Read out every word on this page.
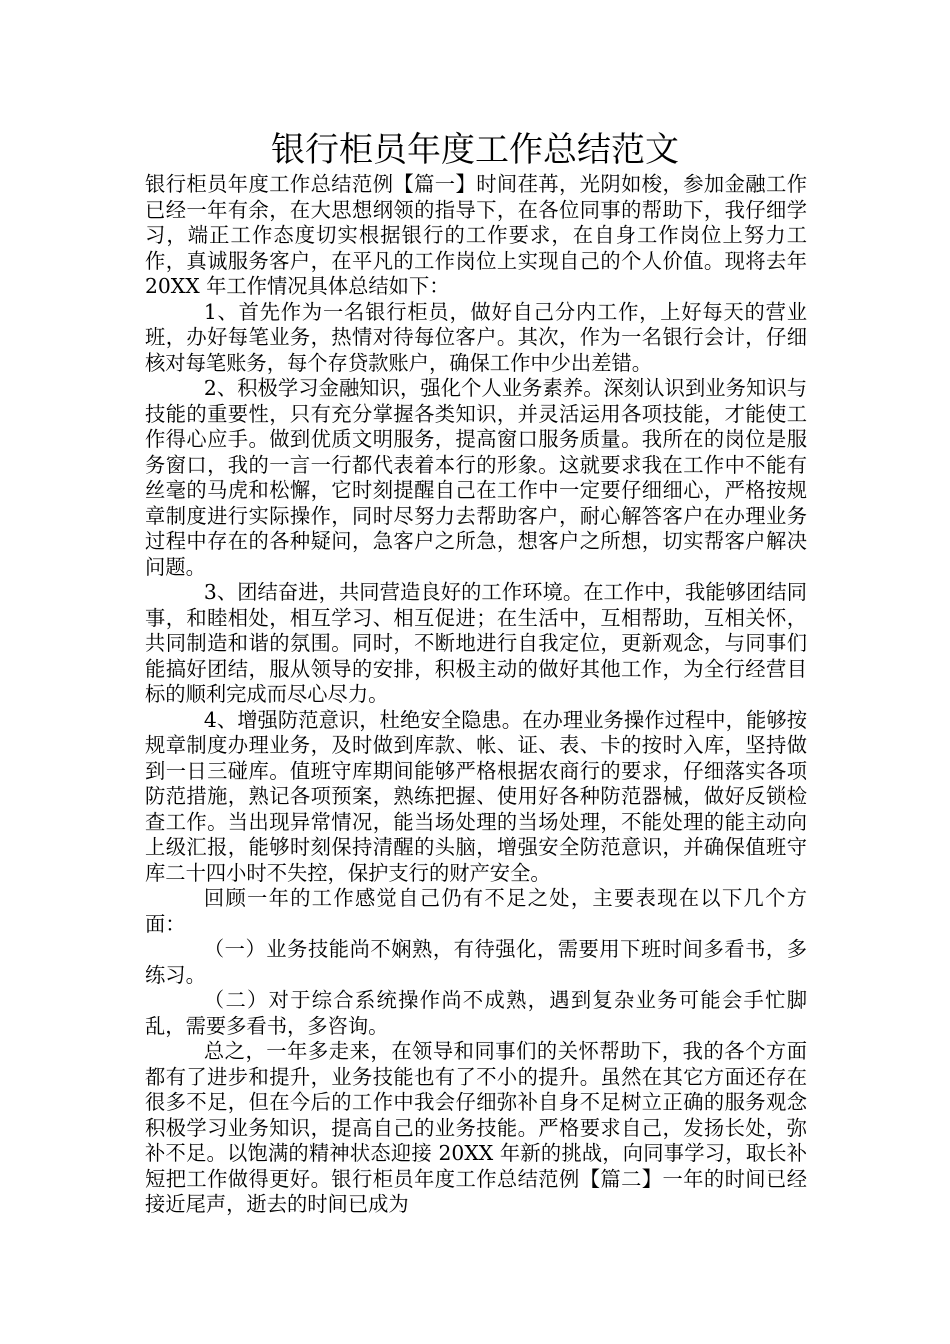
银行柜员年度工作总结范文

银行柜员年度工作总结范例【篇一】时间荏苒，光阴如梭，参加金融工作已经一年有余，在大思想纲领的指导下，在各位同事的帮助下，我仔细学习，端正工作态度切实根据银行的工作要求，在自身工作岗位上努力工作，真诚服务客户，在平凡的工作岗位上实现自己的个人价值。现将去年 20XX 年工作情况具体总结如下：

1、首先作为一名银行柜员，做好自己分内工作，上好每天的营业班，办好每笔业务，热情对待每位客户。其次，作为一名银行会计，仔细核对每笔账务，每个存贷款账户，确保工作中少出差错。

2、积极学习金融知识，强化个人业务素养。深刻认识到业务知识与技能的重要性，只有充分掌握各类知识，并灵活运用各项技能，才能使工作得心应手。做到优质文明服务，提高窗口服务质量。我所在的岗位是服务窗口，我的一言一行都代表着本行的形象。这就要求我在工作中不能有丝毫的马虎和松懈，它时刻提醒自己在工作中一定要仔细细心，严格按规章制度进行实际操作，同时尽努力去帮助客户，耐心解答客户在办理业务过程中存在的各种疑问，急客户之所急，想客户之所想，切实帮客户解决问题。

3、团结奋进，共同营造良好的工作环境。在工作中，我能够团结同事，和睦相处，相互学习、相互促进；在生活中，互相帮助，互相关怀，共同制造和谐的氛围。同时，不断地进行自我定位，更新观念，与同事们能搞好团结，服从领导的安排，积极主动的做好其他工作，为全行经营目标的顺利完成而尽心尽力。

4、增强防范意识，杜绝安全隐患。在办理业务操作过程中，能够按规章制度办理业务，及时做到库款、帐、证、表、卡的按时入库，坚持做到一日三碰库。值班守库期间能够严格根据农商行的要求，仔细落实各项防范措施，熟记各项预案，熟练把握、使用好各种防范器械，做好反锁检查工作。当出现异常情况，能当场处理的当场处理，不能处理的能主动向上级汇报，能够时刻保持清醒的头脑，增强安全防范意识，并确保值班守库二十四小时不失控，保护支行的财产安全。

回顾一年的工作感觉自己仍有不足之处，主要表现在以下几个方面：

（一）业务技能尚不娴熟，有待强化，需要用下班时间多看书，多练习。

（二）对于综合系统操作尚不成熟，遇到复杂业务可能会手忙脚乱，需要多看书，多咨询。

总之，一年多走来，在领导和同事们的关怀帮助下，我的各个方面都有了进步和提升，业务技能也有了不小的提升。虽然在其它方面还存在很多不足，但在今后的工作中我会仔细弥补自身不足树立正确的服务观念积极学习业务知识，提高自己的业务技能。严格要求自己，发扬长处，弥补不足。以饱满的精神状态迎接 20XX 年新的挑战，向同事学习，取长补短把工作做得更好。银行柜员年度工作总结范例【篇二】一年的时间已经接近尾声，逝去的时间已成为
